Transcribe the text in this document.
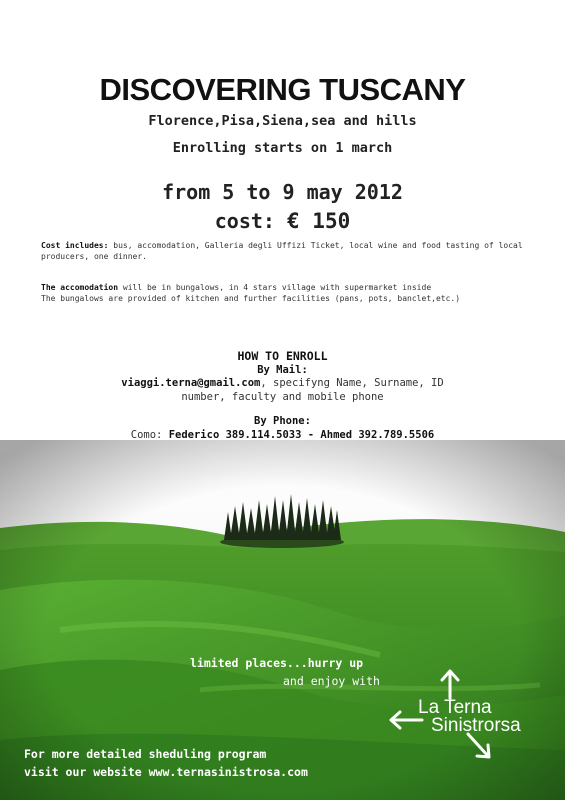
DISCOVERING TUSCANY
Florence,Pisa,Siena,sea and hills
Enrolling starts on 1 march
from 5 to 9 may 2012
cost: € 150
Cost includes: bus, accomodation, Galleria degli Uffizi Ticket, local wine and food tasting of local producers, one dinner.
The accomodation will be in bungalows, in 4 stars village with supermarket inside
The bungalows are provided of kitchen and further facilities (pans, pots, banclet,etc.)
HOW TO ENROLL
By Mail:
viaggi.terna@gmail.com, specifyng Name, Surname, ID
number, faculty and mobile phone
By Phone:
Como: Federico 389.114.5033 - Ahmed 392.789.5506
limited places...hurry up
and enjoy with
La Terna
Sinistrorsa
For more detailed sheduling program
visit our website www.ternasinistrosa.com
